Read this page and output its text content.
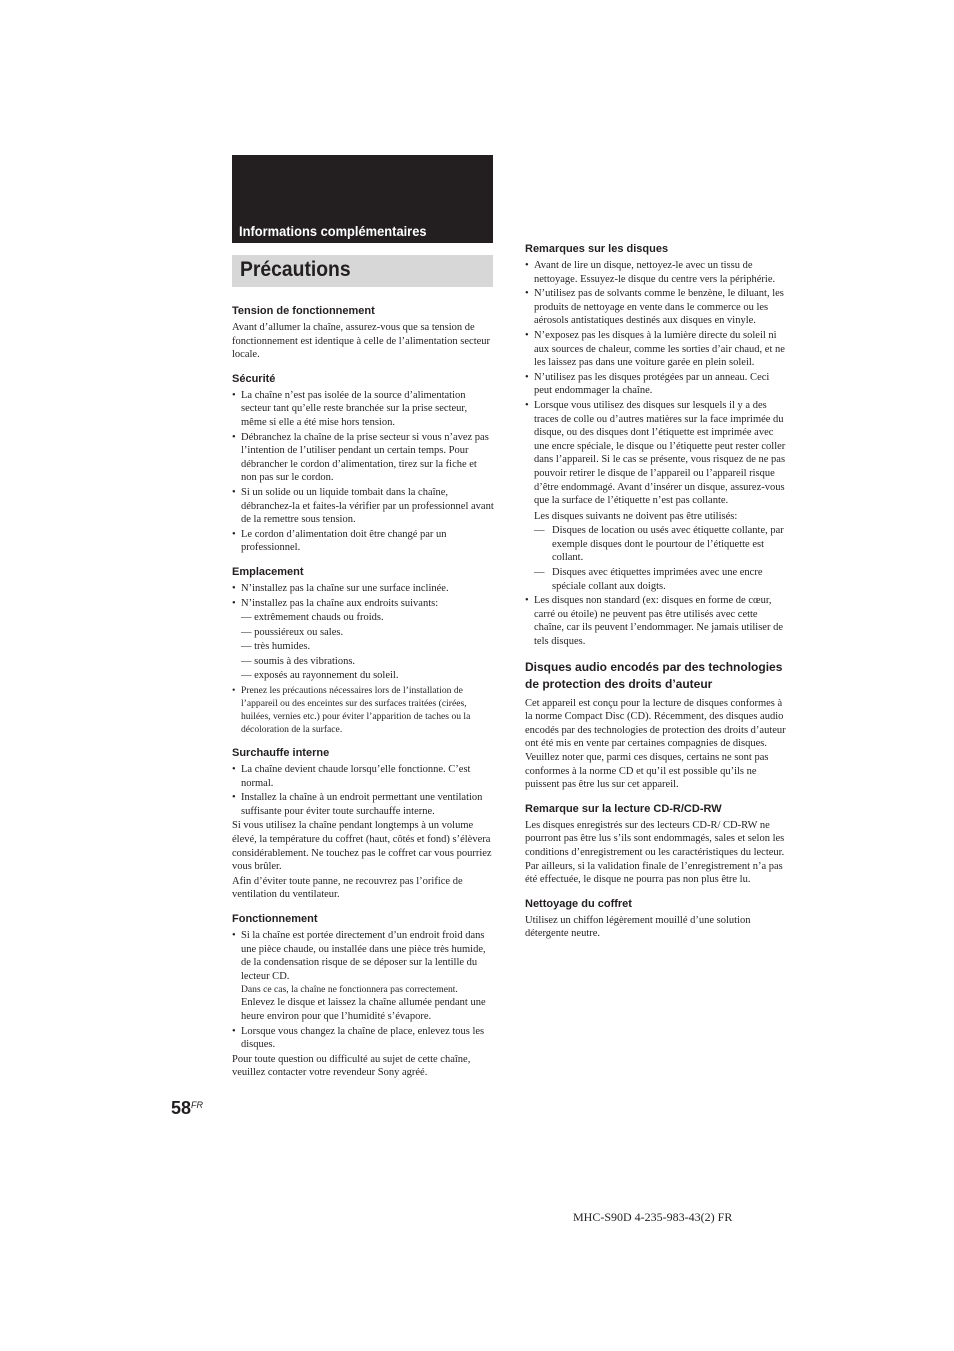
Informations complémentaires
Précautions
Tension de fonctionnement

Avant d’allumer la chaîne, assurez-vous que sa tension de fonctionnement est identique à celle de l’alimentation secteur locale.

Sécurité
• La chaîne n’est pas isolée de la source d’alimentation secteur tant qu’elle reste branchée sur la prise secteur, même si elle a été mise hors tension.
• Débranchez la chaîne de la prise secteur si vous n’avez pas l’intention de l’utiliser pendant un certain temps. Pour débrancher le cordon d’alimentation, tirez sur la fiche et non pas sur le cordon.
• Si un solide ou un liquide tombait dans la chaîne, débranchez-la et faites-la vérifier par un professionnel avant de la remettre sous tension.
• Le cordon d’alimentation doit être changé par un professionnel.
Emplacement
• N’installez pas la chaîne sur une surface inclinée.
• N’installez pas la chaîne aux endroits suivants:
— extrêmement chauds ou froids.
— poussiéreux ou sales.
— très humides.
— soumis à des vibrations.
— exposés au rayonnement du soleil.
• Prenez les précautions nécessaires lors de l’installation de l’appareil ou des enceintes sur des surfaces traitées (cirées, huilées, vernies etc.) pour éviter l’apparition de taches ou la décoloration de la surface.
Surchauffe interne
• La chaîne devient chaude lorsqu’elle fonctionne. C’est normal.
• Installez la chaîne à un endroit permettant une ventilation suffisante pour éviter toute surchauffe interne.

Si vous utilisez la chaîne pendant longtemps à un volume élevé, la température du coffret (haut, côtés et fond) s’élèvera considérablement. Ne touchez pas le coffret car vous pourriez vous brûler.

Afin d’éviter toute panne, ne recouvrez pas l’orifice de ventilation du ventilateur.

Fonctionnement
• Si la chaîne est portée directement d’un endroit froid dans une pièce chaude, ou installée dans une pièce très humide, de la condensation risque de se déposer sur la lentille du lecteur CD.
Dans ce cas, la chaîne ne fonctionnera pas correctement.
Enlevez le disque et laissez la chaîne allumée pendant une heure environ pour que l’humidité s’évapore.
• Lorsque vous changez la chaîne de place, enlevez tous les disques.

Pour toute question ou difficulté au sujet de cette chaîne, veuillez contacter votre revendeur Sony agréé.

Remarques sur les disques
• Avant de lire un disque, nettoyez-le avec un tissu de nettoyage. Essuyez-le disque du centre vers la périphérie.
• N’utilisez pas de solvants comme le benzène, le diluant, les produits de nettoyage en vente dans le commerce ou les aérosols antistatiques destinés aux disques en vinyle.
• N’exposez pas les disques à la lumière directe du soleil ni aux sources de chaleur, comme les sorties d’air chaud, et ne les laissez pas dans une voiture garée en plein soleil.
• N’utilisez pas les disques protégées par un anneau. Ceci peut endommager la chaîne.
• Lorsque vous utilisez des disques sur lesquels il y a des traces de colle ou d’autres matières sur la face imprimée du disque, ou des disques dont l’étiquette est imprimée avec une encre spéciale, le disque ou l’étiquette peut rester coller dans l’appareil. Si le cas se présente, vous risquez de ne pas pouvoir retirer le disque de l’appareil ou l’appareil risque d’être endommagé. Avant d’insérer un disque, assurez-vous que la surface de l’étiquette n’est pas collante.
Les disques suivants ne doivent pas être utilisés:
— Disques de location ou usés avec étiquette collante, par exemple disques dont le pourtour de l’étiquette est collant.
— Disques avec étiquettes imprimées avec une encre spéciale collant aux doigts.
• Les disques non standard (ex: disques en forme de cœur, carré ou étoile) ne peuvent pas être utilisés avec cette chaîne, car ils peuvent l’endommager. Ne jamais utiliser de tels disques.
Disques audio encodés par des technologies de protection des droits d’auteur

Cet appareil est conçu pour la lecture de disques conformes à la norme Compact Disc (CD). Récemment, des disques audio encodés par des technologies de protection des droits d’auteur ont été mis en vente par certaines compagnies de disques. Veuillez noter que, parmi ces disques, certains ne sont pas conformes à la norme CD et qu’il est possible qu’ils ne puissent pas être lus sur cet appareil.

Remarque sur la lecture CD-R/CD-RW

Les disques enregistrés sur des lecteurs CD-R/ CD-RW ne pourront pas être lus s’ils sont endommagés, sales et selon les conditions d’enregistrement ou les caractéristiques du lecteur. Par ailleurs, si la validation finale de l’enregistrement n’a pas été effectuée, le disque ne pourra pas non plus être lu.

Nettoyage du coffret

Utilisez un chiffon légèrement mouillé d’une solution détergente neutre.

$58^{FR}$
MHC-S90D 4-235-983-43(2) FR
